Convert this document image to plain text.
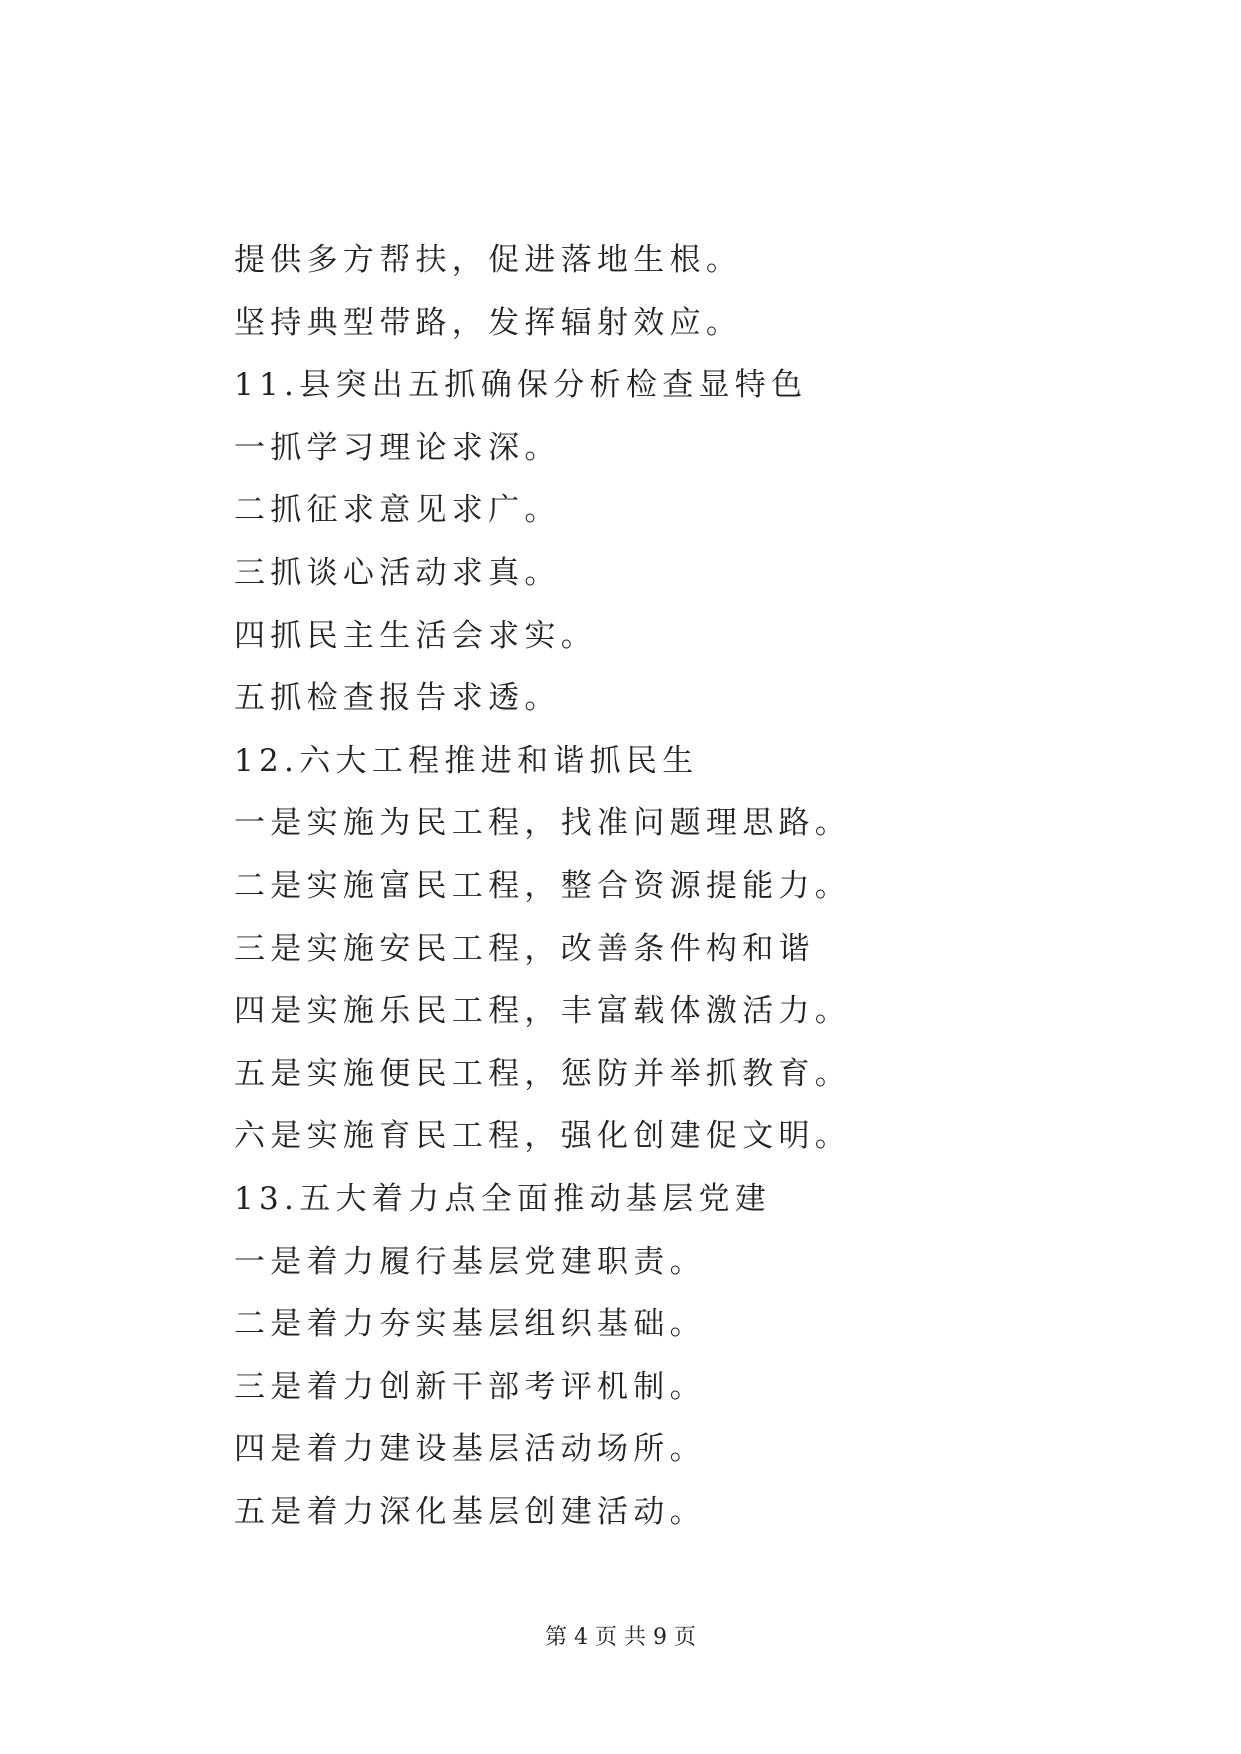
提供多方帮扶，促进落地生根。
坚持典型带路，发挥辐射效应。
11.县突出五抓确保分析检查显特色
一抓学习理论求深。
二抓征求意见求广。
三抓谈心活动求真。
四抓民主生活会求实。
五抓检查报告求透。
12.六大工程推进和谐抓民生
一是实施为民工程，找准问题理思路。
二是实施富民工程，整合资源提能力。
三是实施安民工程，改善条件构和谐
四是实施乐民工程，丰富载体激活力。
五是实施便民工程，惩防并举抓教育。
六是实施育民工程，强化创建促文明。
13.五大着力点全面推动基层党建
一是着力履行基层党建职责。
二是着力夯实基层组织基础。
三是着力创新干部考评机制。
四是着力建设基层活动场所。
五是着力深化基层创建活动。
第 4 页 共 9 页
